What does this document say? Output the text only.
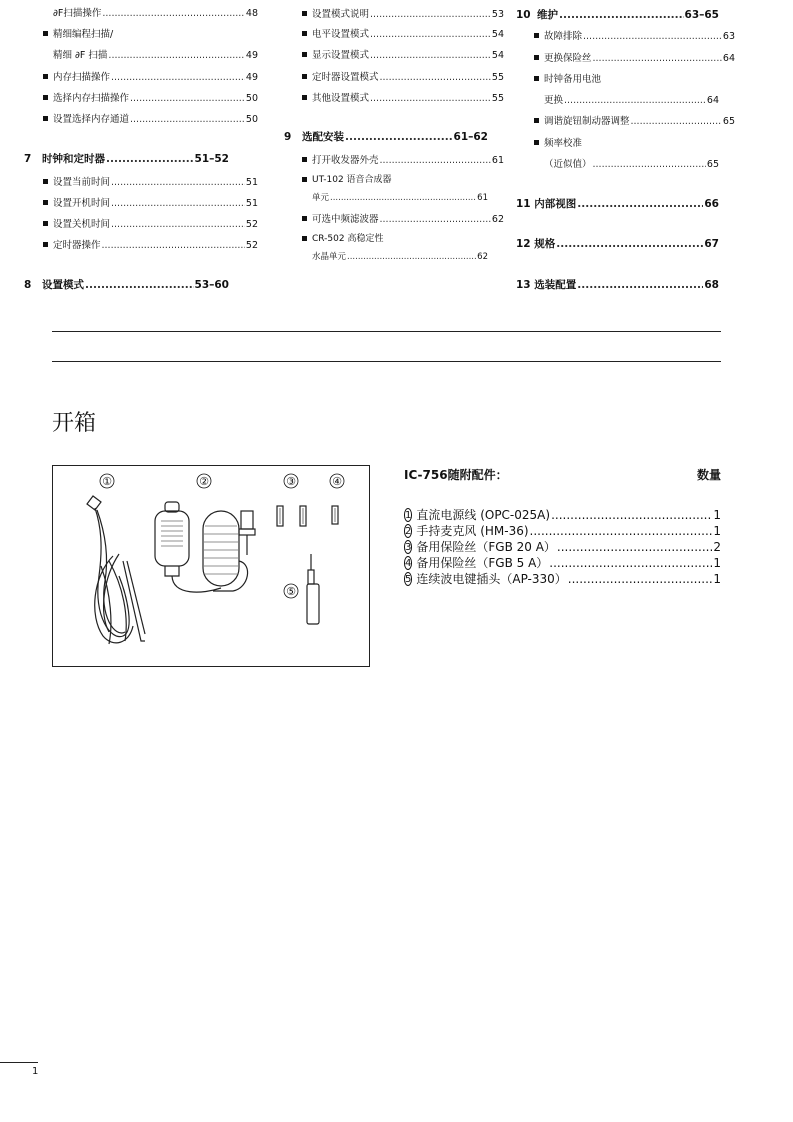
∂F扫描操作 .....	48
精细编程扫描/
精细 ∂F 扫描 .....	49
内存扫描操作 .....	49
选择内存扫描操作 .....	50
设置选择内存通道 .....	50
7 时钟和定时器 .....	51–52
设置当前时间 .....	51
设置开机时间 .....	51
设置关机时间 .....	52
定时器操作 .....	52
8 设置模式 .....	53–60
设置模式说明 .....	53
电平设置模式 .....	54
显示设置模式 .....	54
定时器设置模式 .....	55
其他设置模式 .....	55
9 选配安装 .....	61–62
打开收发器外壳 .....	61
UT-102 语音合成器
单元 .....	61
可选中频滤波器 .....	62
CR-502 高稳定性
水晶单元 .....	62
10 维护 .....	63–65
故障排除 .....	63
更换保险丝 .....	64
时钟备用电池
更换 .....	64
调谐旋钮制动器调整 .....	65
频率校准
（近似值） .....	65
11 内部视图 .....	66
12 规格 .....	67
13 选装配置 .....	68
开箱
①	②	③	④
⑤
IC-756随附配件：	数量
1 直流电源线 (OPC-025A) .....	1
2 手持麦克风 (HM-36) .....	1
3 备用保险丝（FGB 20 A） .....	2
4 备用保险丝（FGB 5 A） .....	1
5 连续波电键插头（AP-330） .....	1
1
